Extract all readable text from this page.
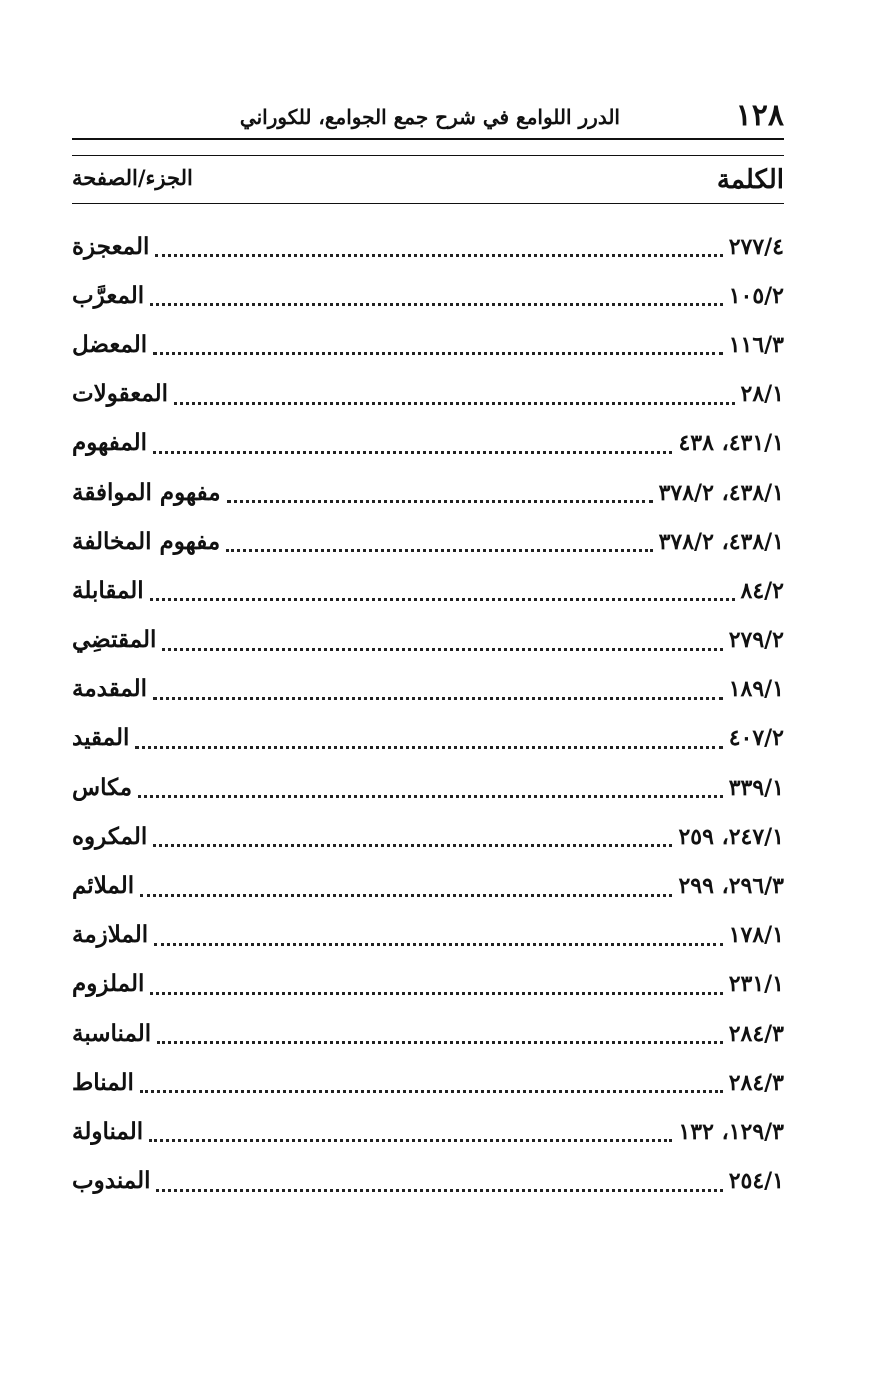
١٢٨
الدرر اللوامع في شرح جمع الجوامع، للكوراني
الكلمة
الجزء/الصفحة
المعجزة	٢٧٧/٤
المعرَّب	١٠٥/٢
المعضل	١١٦/٣
المعقولات	٢٨/١
المفهوم	٤٣١/١، ٤٣٨
مفهوم الموافقة	٤٣٨/١، ٣٧٨/٢
مفهوم المخالفة	٤٣٨/١، ٣٧٨/٢
المقابلة	٨٤/٢
المقتضِي	٢٧٩/٢
المقدمة	١٨٩/١
المقيد	٤٠٧/٢
مكاس	٣٣٩/١
المكروه	٢٤٧/١، ٢٥٩
الملائم	٢٩٦/٣، ٢٩٩
الملازمة	١٧٨/١
الملزوم	٢٣١/١
المناسبة	٢٨٤/٣
المناط	٢٨٤/٣
المناولة	١٢٩/٣، ١٣٢
المندوب	٢٥٤/١
